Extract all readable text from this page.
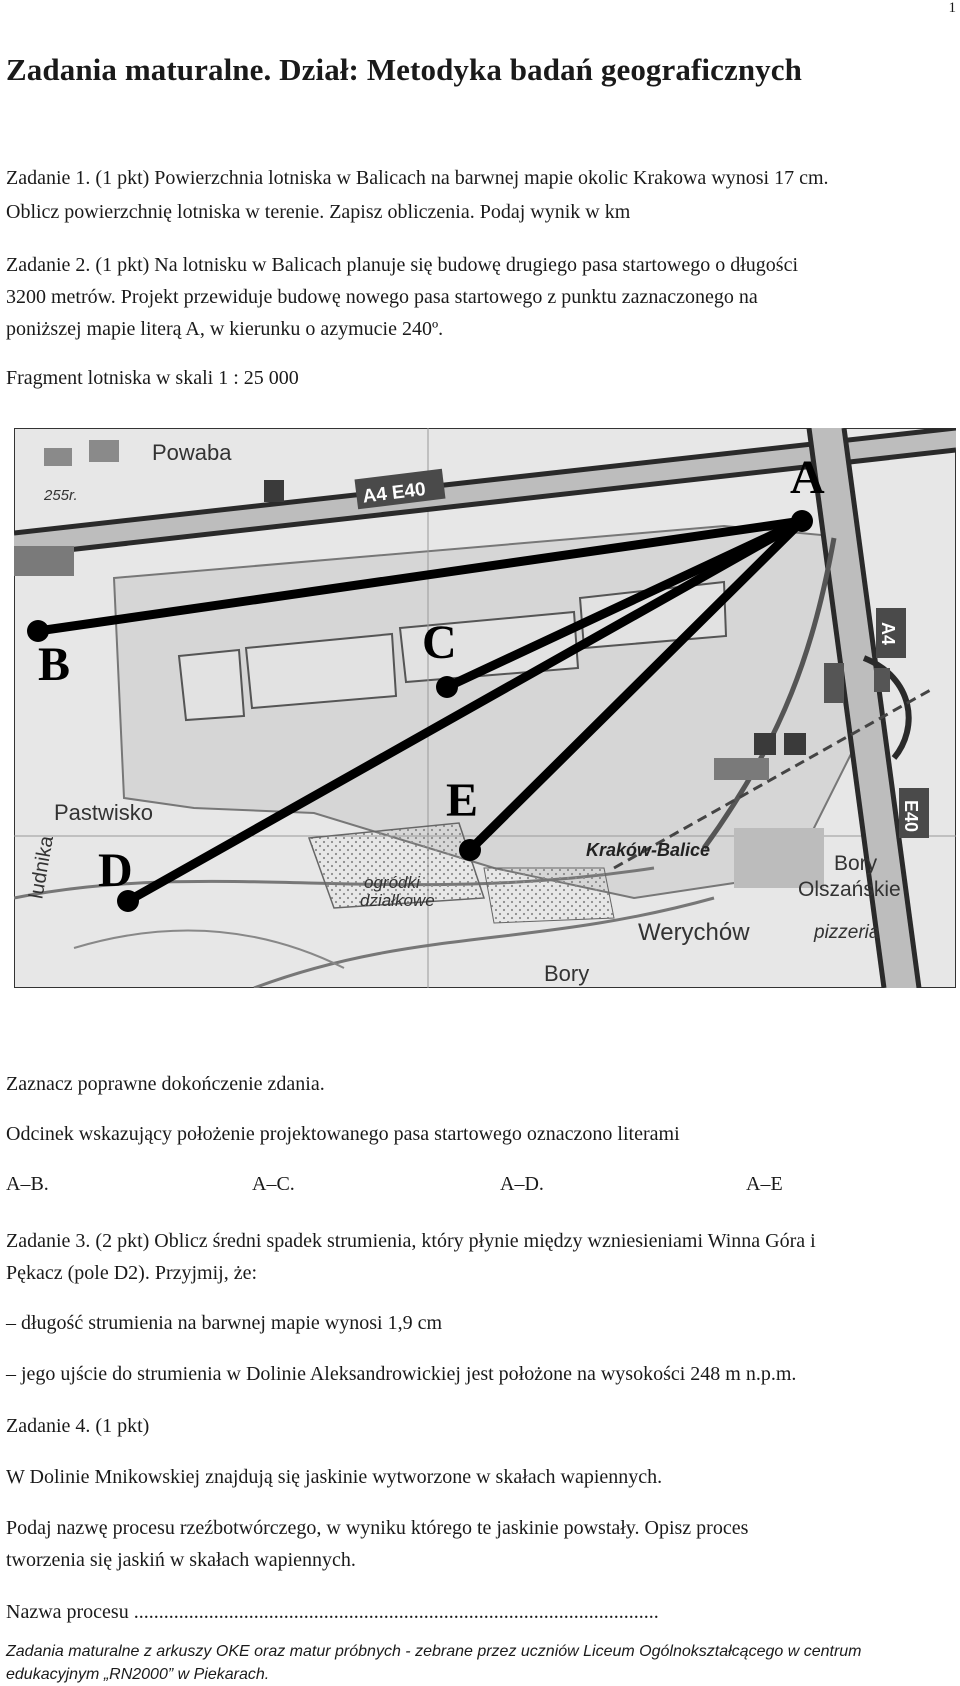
1
Zadania maturalne. Dział: Metodyka badań geograficznych
Zadanie 1. (1 pkt) Powierzchnia lotniska w Balicach na barwnej mapie okolic Krakowa wynosi 17 cm.
Oblicz powierzchnię lotniska w terenie. Zapisz obliczenia. Podaj wynik w km
Zadanie 2. (1 pkt) Na lotnisku w Balicach planuje się budowę drugiego pasa startowego o długości
3200 metrów. Projekt przewiduje budowę nowego pasa startowego z punktu zaznaczonego na
poniższej mapie literą A, w kierunku o azymucie 240º.
Fragment lotniska w skali 1 : 25 000
Powaba
A4 E40
A4
E40
Pastwisko
Kraków-Balice
Bory
Olszańskie
ogródki
działkowe
Werychów	pizzeria
Bory
255r.
ludnika
A
B	C
D
E
Zaznacz poprawne dokończenie zdania.
Odcinek wskazujący położenie projektowanego pasa startowego oznaczono literami
A–B.	A–C.	A–D.	A–E
Zadanie 3. (2 pkt) Oblicz średni spadek strumienia, który płynie między wzniesieniami Winna Góra i
Pękacz (pole D2). Przyjmij, że:
– długość strumienia na barwnej mapie wynosi 1,9 cm
– jego ujście do strumienia w Dolinie Aleksandrowickiej jest położone na wysokości 248 m n.p.m.
Zadanie 4. (1 pkt)
W Dolinie Mnikowskiej znajdują się jaskinie wytworzone w skałach wapiennych.
Podaj nazwę procesu rzeźbotwórczego, w wyniku którego te jaskinie powstały. Opisz proces
tworzenia się jaskiń w skałach wapiennych.
Nazwa procesu .........................................................................................................
Zadania maturalne z arkuszy OKE oraz matur próbnych - zebrane przez uczniów Liceum Ogólnokształcącego w centrum
edukacyjnym „RN2000” w Piekarach.
